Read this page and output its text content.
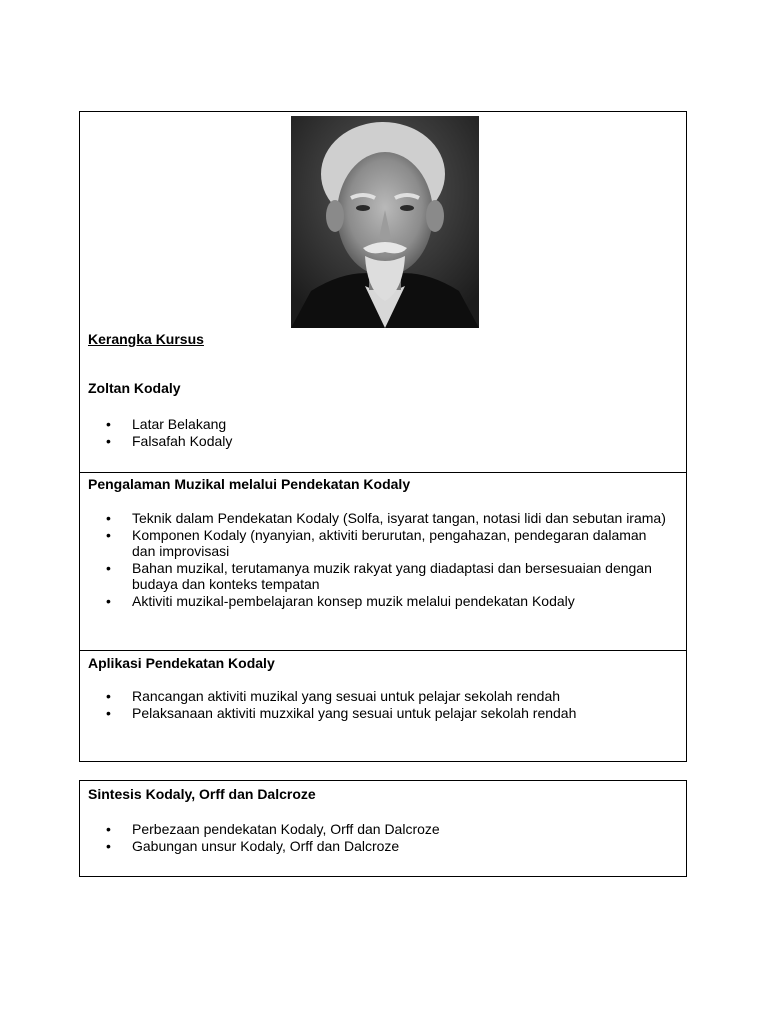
Kerangka Kursus
Zoltan Kodaly
• Latar Belakang
• Falsafah Kodaly
Pengalaman Muzikal melalui Pendekatan Kodaly
• Teknik dalam Pendekatan Kodaly (Solfa, isyarat tangan, notasi lidi dan sebutan irama)
• Komponen Kodaly (nyanyian, aktiviti berurutan, pengahazan, pendegaran dalaman dan improvisasi
• Bahan muzikal, terutamanya muzik rakyat yang diadaptasi dan bersesuaian dengan budaya dan konteks tempatan
• Aktiviti muzikal-pembelajaran konsep muzik melalui pendekatan Kodaly
Aplikasi Pendekatan Kodaly
• Rancangan aktiviti muzikal yang sesuai untuk pelajar sekolah rendah
• Pelaksanaan aktiviti muzxikal yang sesuai untuk pelajar sekolah rendah
Sintesis Kodaly, Orff dan Dalcroze
• Perbezaan pendekatan Kodaly, Orff dan Dalcroze
• Gabungan unsur Kodaly, Orff dan Dalcroze
